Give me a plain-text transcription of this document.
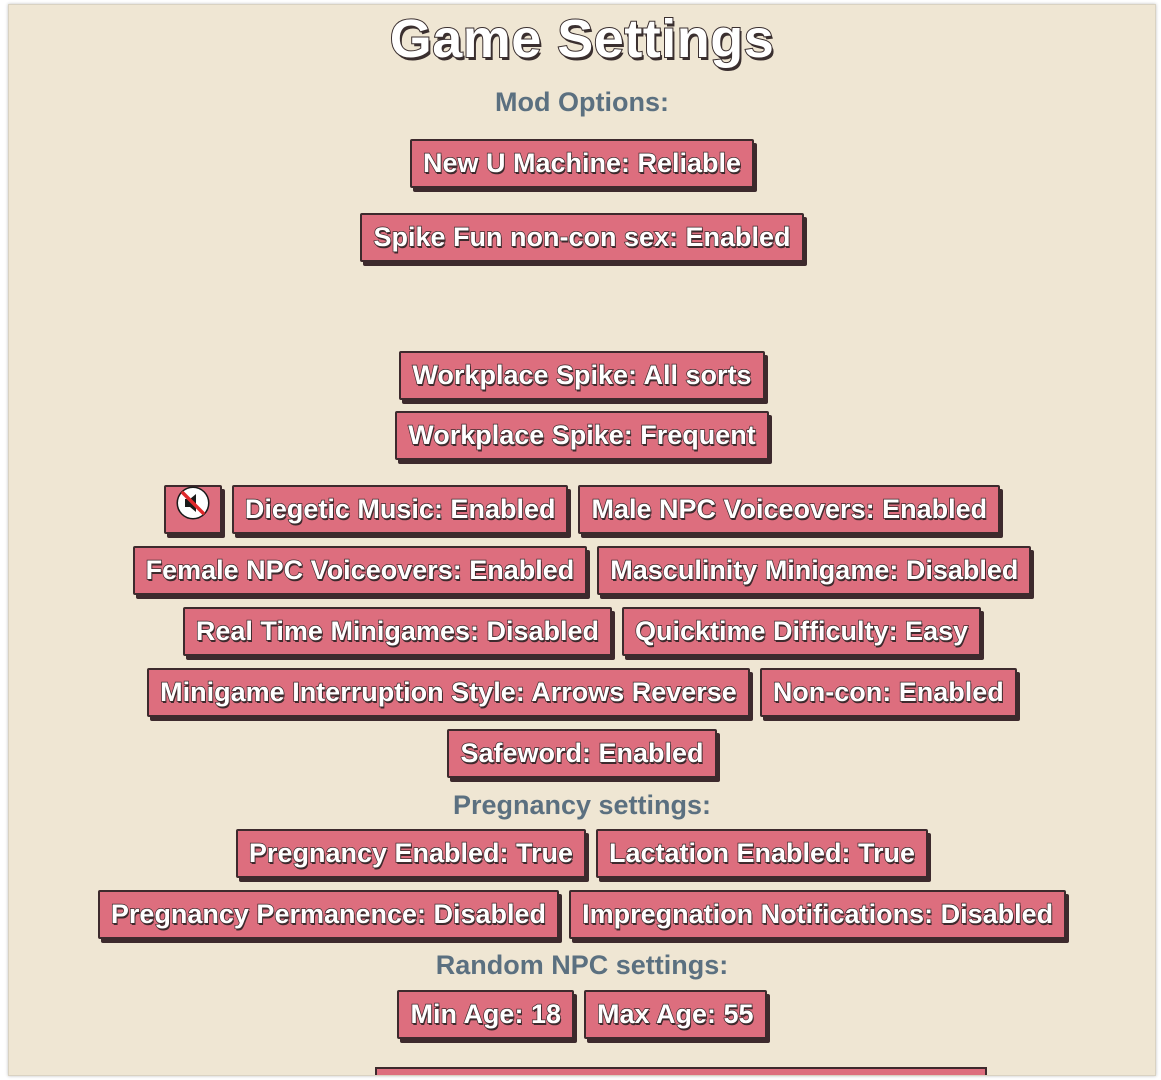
Game Settings
Mod Options:
New U Machine: Reliable
Spike Fun non-con sex: Enabled
Workplace Spike: All sorts
Workplace Spike: Frequent
Diegetic Music: Enabled	Male NPC Voiceovers: Enabled
Female NPC Voiceovers: Enabled	Masculinity Minigame: Disabled
Real Time Minigames: Disabled	Quicktime Difficulty: Easy
Minigame Interruption Style: Arrows Reverse	Non-con: Enabled
Safeword: Enabled
Pregnancy settings:
Pregnancy Enabled: True	Lactation Enabled: True
Pregnancy Permanence: Disabled	Impregnation Notifications: Disabled
Random NPC settings:
Min Age: 18	Max Age: 55
